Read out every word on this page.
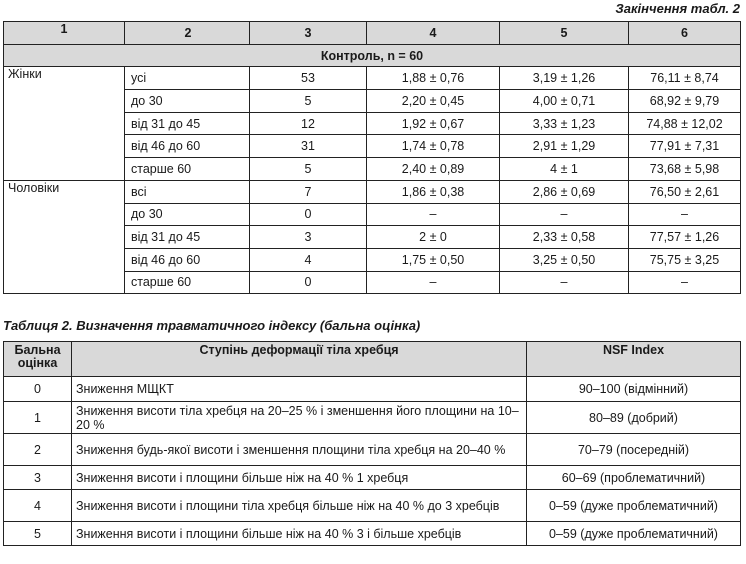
Закінчення табл. 2
1	2	3	4	5	6
Контроль, n = 60					
Жінки	усі	53	1,88 ± 0,76	3,19 ± 1,26	76,11 ± 8,74
	до 30	5	2,20 ± 0,45	4,00 ± 0,71	68,92 ± 9,79
	від 31 до 45	12	1,92 ± 0,67	3,33 ± 1,23	74,88 ± 12,02
	від 46 до 60	31	1,74 ± 0,78	2,91 ± 1,29	77,91 ± 7,31
	старше 60	5	2,40 ± 0,89	4 ± 1	73,68 ± 5,98
Чоловіки	всі	7	1,86 ± 0,38	2,86 ± 0,69	76,50 ± 2,61
	до 30	0	–	–	–
	від 31 до 45	3	2 ± 0	2,33 ± 0,58	77,57 ± 1,26
	від 46 до 60	4	1,75 ± 0,50	3,25 ± 0,50	75,75 ± 3,25
	старше 60	0	–	–	–
Таблиця 2. Визначення травматичного індексу (бальна оцінка)
Бальна оцінка	Ступінь деформації тіла хребця	NSF Index
0	Зниження МЩКТ	90–100 (відмінний)
1	Зниження висоти тіла хребця на 20–25 % і зменшення його площини на 10–20 %	80–89 (добрий)
2	Зниження будь-якої висоти і зменшення площини тіла хребця на 20–40 %	70–79 (посередній)
3	Зниження висоти і площини більше ніж на 40 % 1 хребця	60–69 (проблематичний)
4	Зниження висоти і площини тіла хребця більше ніж на 40 % до 3 хребців	0–59 (дуже проблематичний)
5	Зниження висоти і площини більше ніж на 40 % 3 і більше хребців	0–59 (дуже проблематичний)
